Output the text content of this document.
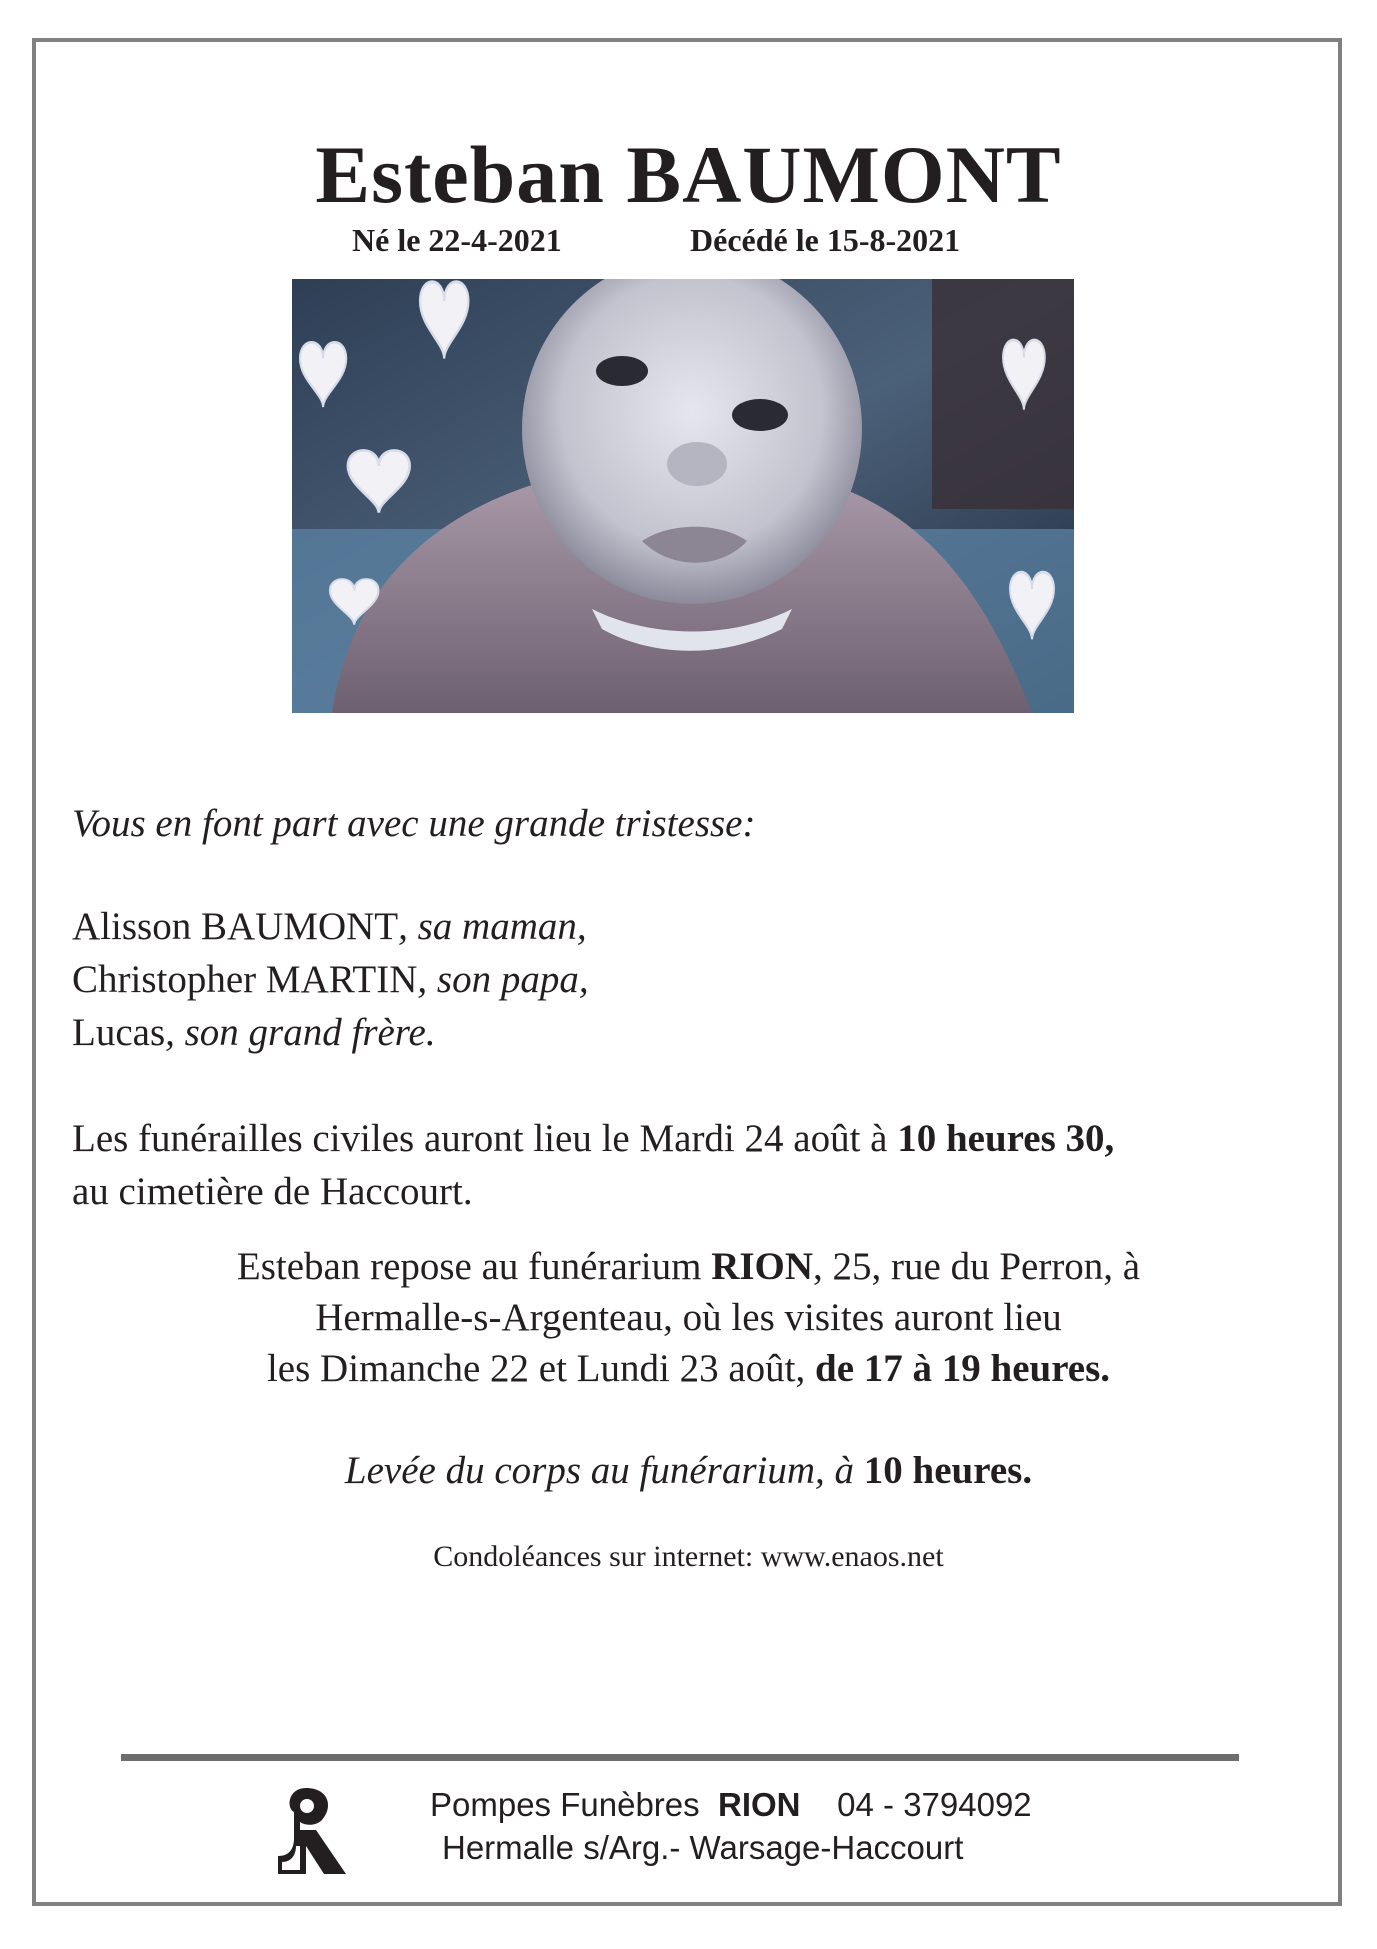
Esteban BAUMONT
Né le 22-4-2021	Décédé le 15-8-2021
Vous en font part avec une grande tristesse:
Alisson BAUMONT, sa maman,
Christopher MARTIN, son papa,
Lucas, son grand frère.
Les funérailles civiles auront lieu le Mardi 24 août à 10 heures 30,
au cimetière de Haccourt.
Esteban repose au funérarium RION, 25, rue du Perron, à
Hermalle-s-Argenteau, où les visites auront lieu
les Dimanche 22 et Lundi 23 août, de 17 à 19 heures.
Levée du corps au funérarium, à 10 heures.
Condoléances sur internet: www.enaos.net
Pompes Funèbres  RION    04 - 3794092
Hermalle s/Arg.- Warsage-Haccourt
